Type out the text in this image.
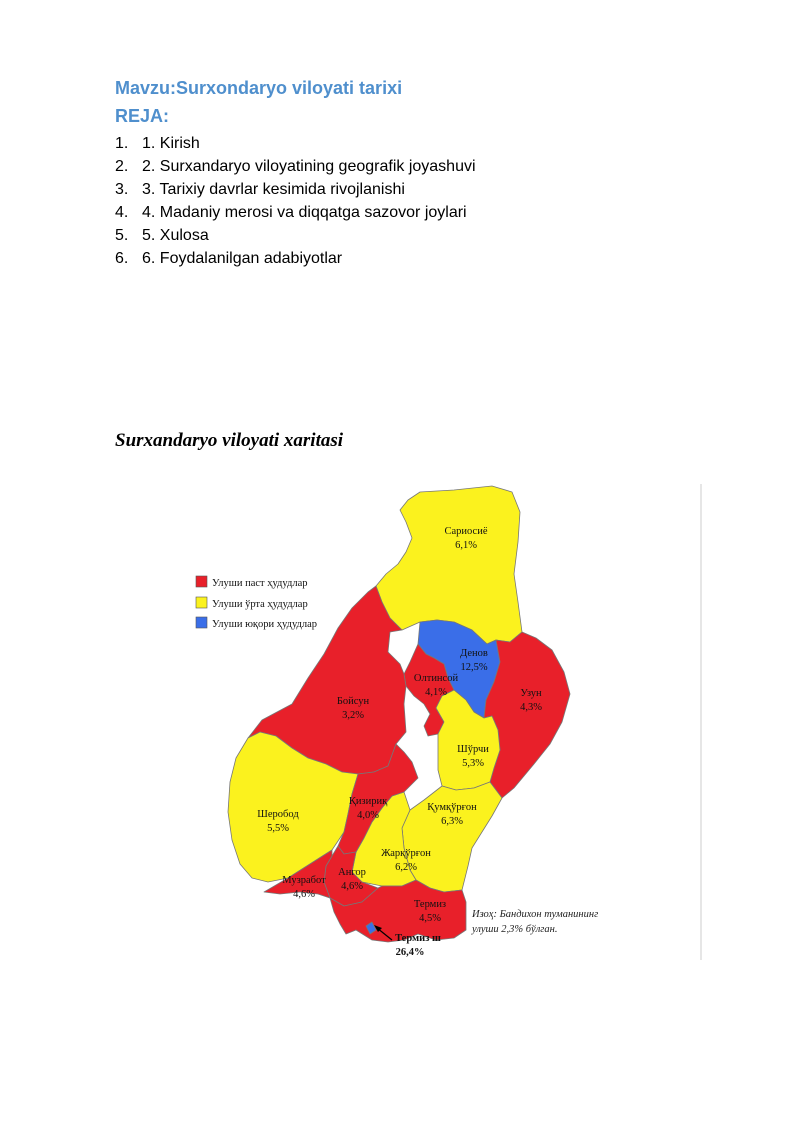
Mavzu:Surxondaryo viloyati tarixi
REJA:
1. 1. Kirish
2. 2. Surxandaryo viloyatining geografik joyashuvi
3. 3. Tarixiy davrlar kesimida rivojlanishi
4. 4. Madaniy merosi va diqqatga sazovor joylari
5. 5. Xulosa
6. 6. Foydalanilgan adabiyotlar
Surxandaryo viloyati xaritasi
Улуши паст ҳудудлар
Улуши ўрта ҳудудлар
Улуши юқори ҳудудлар
Сариосиё
6,1%
Денов
12,5%
Узун
4,3%
Олтинсой
4,1%
Бойсун
3,2%
Шўрчи
5,3%
Шеробод
5,5%
Қизириқ
4,0%
Қумқўрғон
6,3%
Жарқўрғон
6,2%
Ангор
4,6%
Музработ
4,6%
Термиз
4,5%
Термиз ш
26,4%
Изоҳ: Бандихон туманининг
улуши 2,3% бўлган.
